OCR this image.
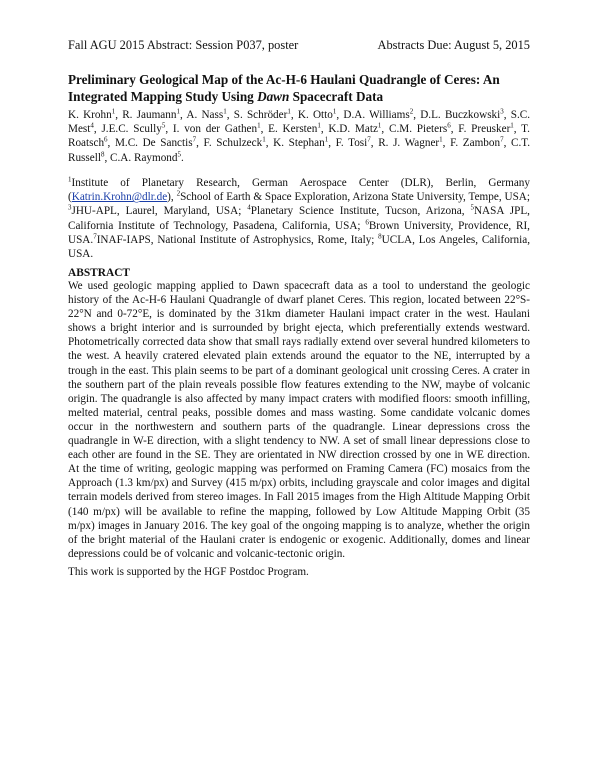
Fall AGU 2015 Abstract: Session P037, poster	Abstracts Due: August 5, 2015
Preliminary Geological Map of the Ac-H-6 Haulani Quadrangle of Ceres: An Integrated Mapping Study Using Dawn Spacecraft Data
K. Krohn$^1$, R. Jaumann$^1$, A. Nass$^1$, S. Schröder$^1$, K. Otto$^1$, D.A. Williams$^2$, D.L. Buczkowski$^3$, S.C. Mest$^4$, J.E.C. Scully$^5$, I. von der Gathen$^1$, E. Kersten$^1$, K.D. Matz$^1$, C.M. Pieters$^6$, F. Preusker$^1$, T. Roatsch$^6$, M.C. De Sanctis$^7$, F. Schulzeck$^1$, K. Stephan$^1$, F. Tosi$^7$, R. J. Wagner$^1$, F. Zambon$^7$, C.T. Russell$^8$, C.A. Raymond$^5$.
$^1$Institute of Planetary Research, German Aerospace Center (DLR), Berlin, Germany (Katrin.Krohn@dlr.de), $^2$School of Earth & Space Exploration, Arizona State University, Tempe, USA; $^3$JHU-APL, Laurel, Maryland, USA; $^4$Planetary Science Institute, Tucson, Arizona, $^5$NASA JPL, California Institute of Technology, Pasadena, California, USA; $^6$Brown University, Providence, RI, USA.$^7$INAF-IAPS, National Institute of Astrophysics, Rome, Italy; $^8$UCLA, Los Angeles, California, USA.
ABSTRACT

We used geologic mapping applied to Dawn spacecraft data as a tool to understand the geologic history of the Ac-H-6 Haulani Quadrangle of dwarf planet Ceres. This region, located between 22°S-22°N and 0-72°E, is dominated by the 31km diameter Haulani impact crater in the west. Haulani shows a bright interior and is surrounded by bright ejecta, which preferentially extends westward. Photometrically corrected data show that small rays radially extend over several hundred kilometers to the west. A heavily cratered elevated plain extends around the equator to the NE, interrupted by a trough in the east. This plain seems to be part of a dominant geological unit crossing Ceres. A crater in the southern part of the plain reveals possible flow features extending to the NW, maybe of volcanic origin. The quadrangle is also affected by many impact craters with modified floors: smooth infilling, melted material, central peaks, possible domes and mass wasting. Some candidate volcanic domes occur in the northwestern and southern parts of the quadrangle. Linear depressions cross the quadrangle in W-E direction, with a slight tendency to NW. A set of small linear depressions close to each other are found in the SE. They are orientated in NW direction crossed by one in WE direction. At the time of writing, geologic mapping was performed on Framing Camera (FC) mosaics from the Approach (1.3 km/px) and Survey (415 m/px) orbits, including grayscale and color images and digital terrain models derived from stereo images. In Fall 2015 images from the High Altitude Mapping Orbit (140 m/px) will be available to refine the mapping, followed by Low Altitude Mapping Orbit (35 m/px) images in January 2016. The key goal of the ongoing mapping is to analyze, whether the origin of the bright material of the Haulani crater is endogenic or exogenic. Additionally, domes and linear depressions could be of volcanic and volcanic-tectonic origin.

This work is supported by the HGF Postdoc Program.
